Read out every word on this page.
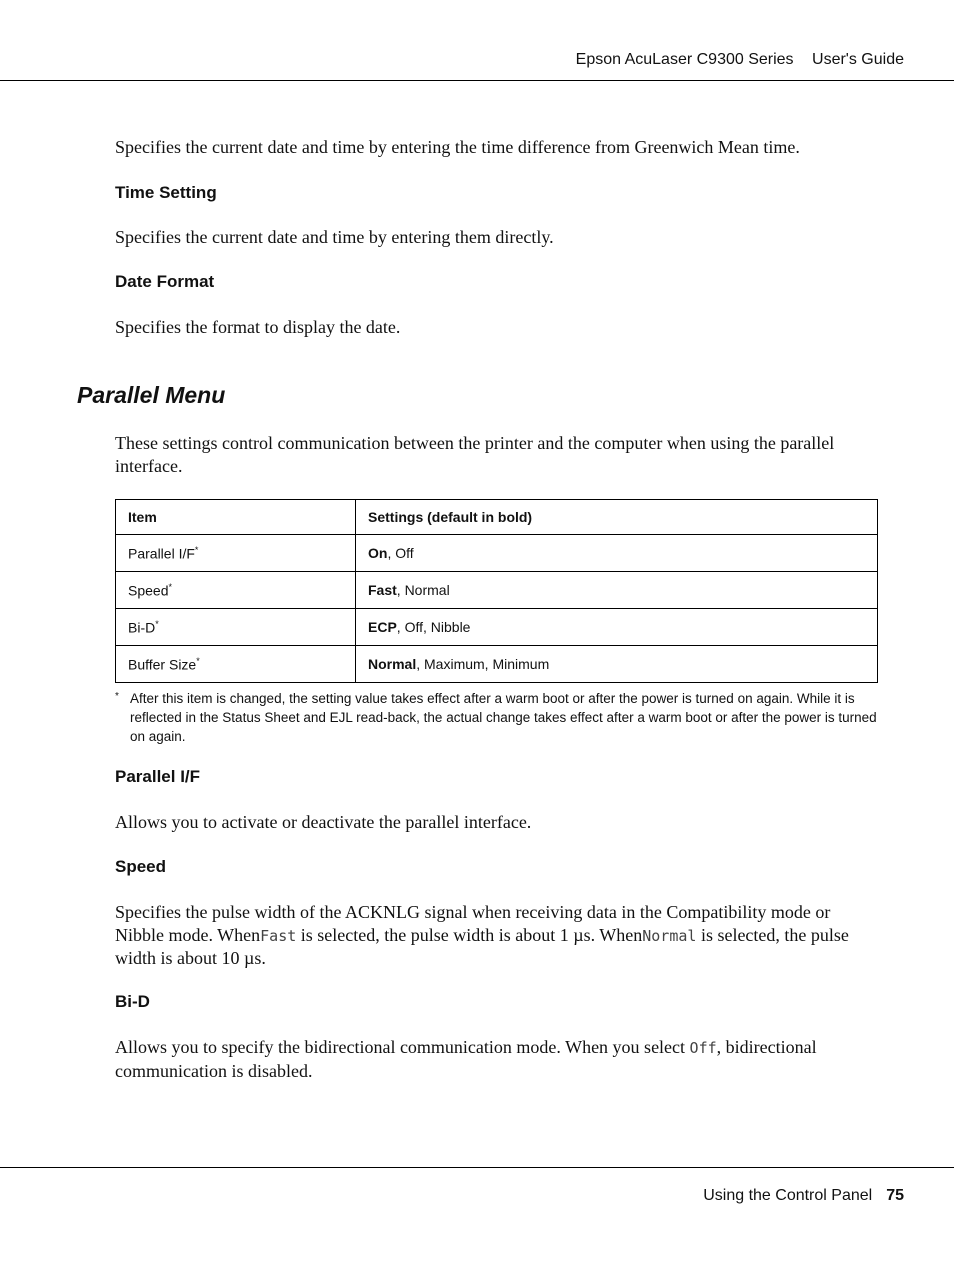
Epson AcuLaser C9300 Series User's Guide
Specifies the current date and time by entering the time difference from Greenwich Mean time.
Time Setting
Specifies the current date and time by entering them directly.
Date Format
Specifies the format to display the date.
Parallel Menu
These settings control communication between the printer and the computer when using the parallel interface.
Item	Settings (default in bold)
Parallel I/F*	On, Off
Speed*	Fast, Normal
Bi-D*	ECP, Off, Nibble
Buffer Size*	Normal, Maximum, Minimum
* After this item is changed, the setting value takes effect after a warm boot or after the power is turned on again. While it is reflected in the Status Sheet and EJL read-back, the actual change takes effect after a warm boot or after the power is turned on again.
Parallel I/F
Allows you to activate or deactivate the parallel interface.
Speed
Specifies the pulse width of the ACKNLG signal when receiving data in the Compatibility mode or Nibble mode. WhenFast is selected, the pulse width is about 1 µs. WhenNormal is selected, the pulse width is about 10 µs.
Bi-D
Allows you to specify the bidirectional communication mode. When you select Off, bidirectional communication is disabled.
Using the Control Panel 75
